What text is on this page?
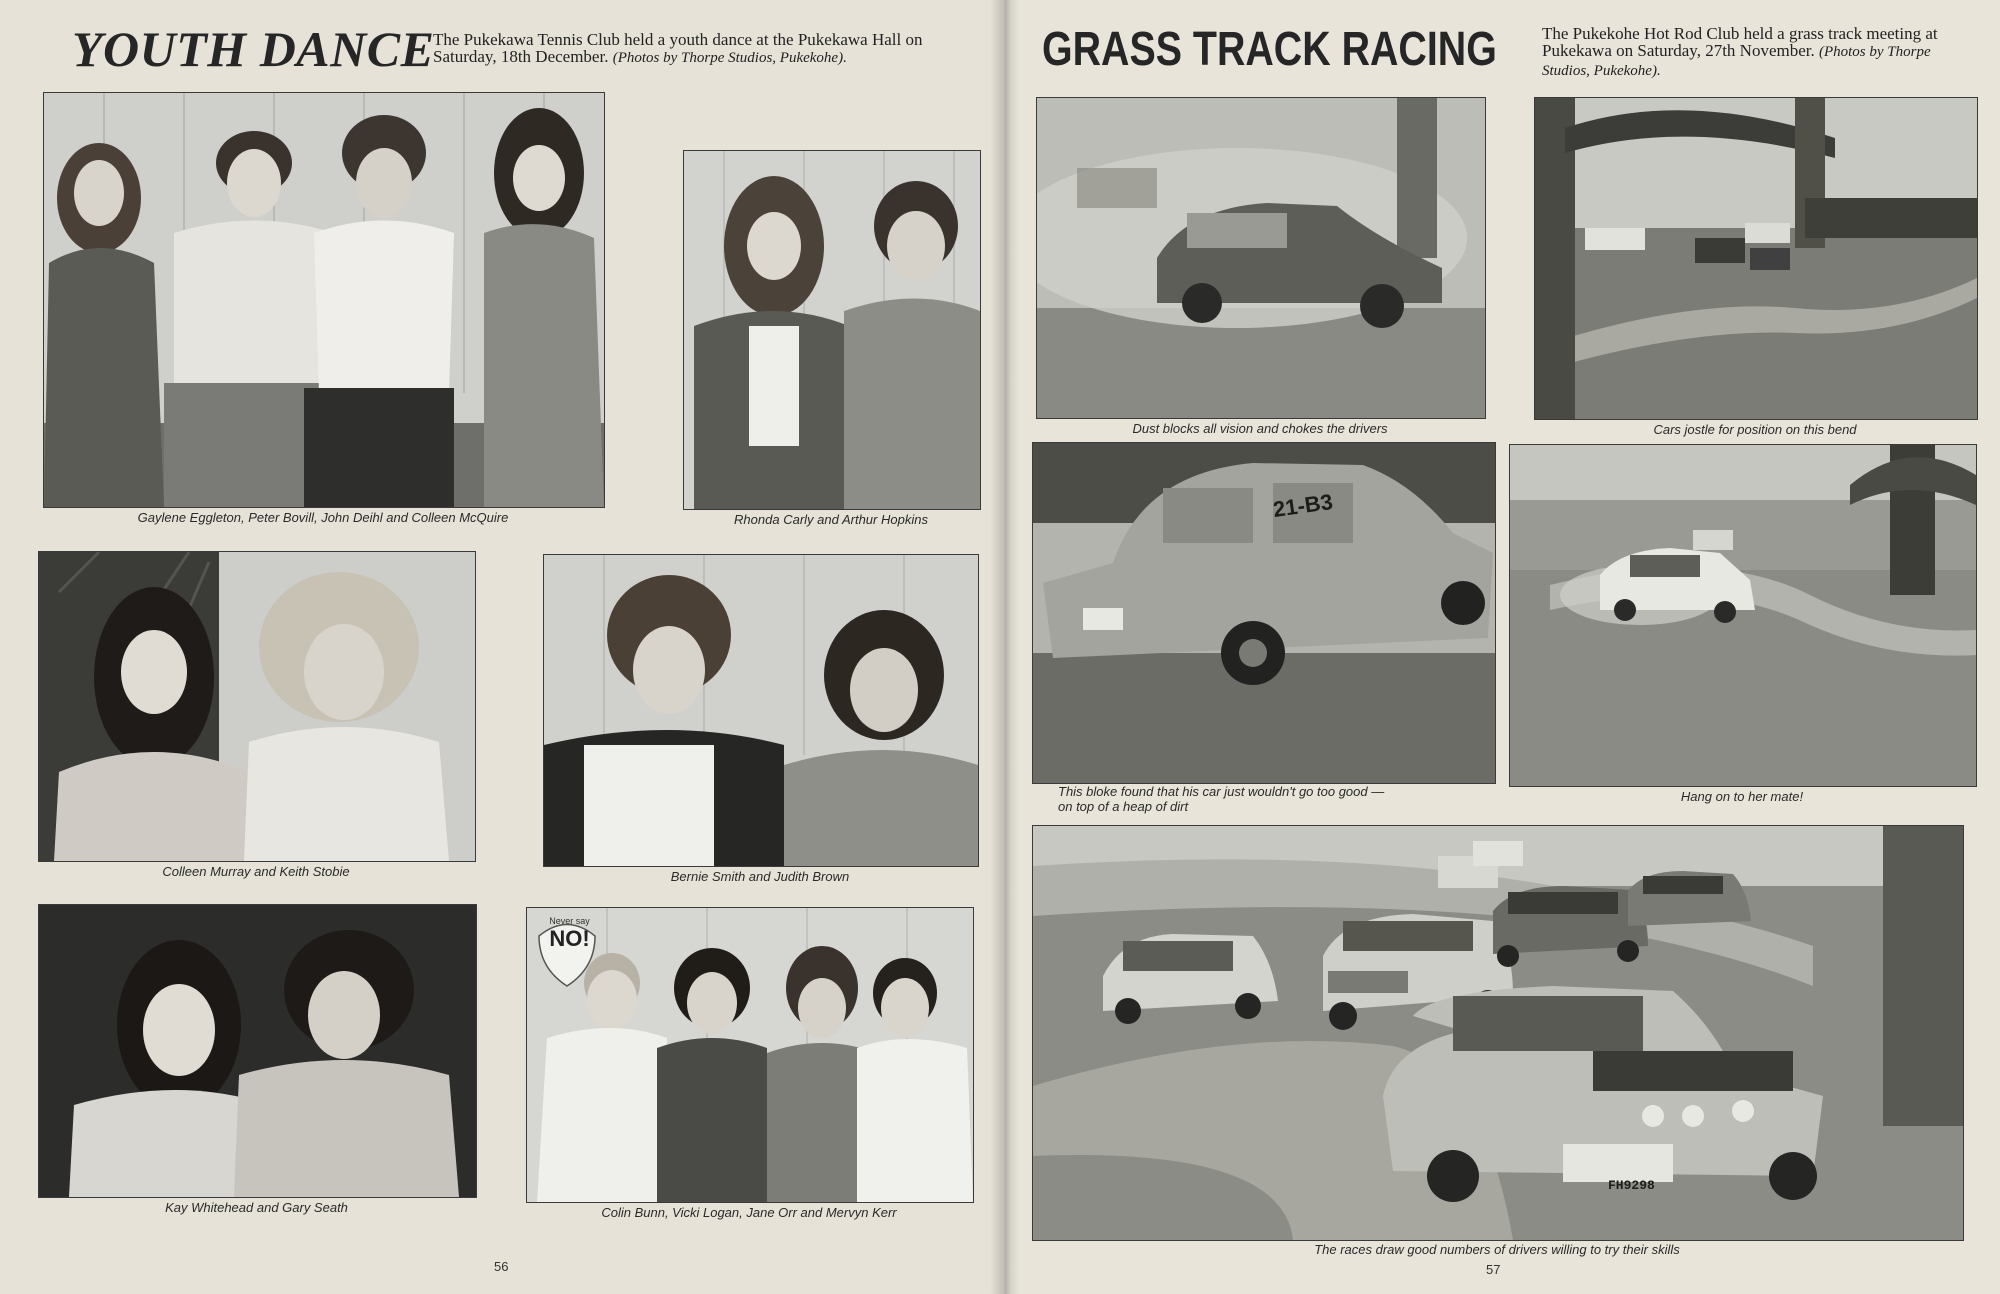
YOUTH DANCE
The Pukekawa Tennis Club held a youth dance at the Pukekawa Hall on Saturday, 18th December. (Photos by Thorpe Studios, Pukekohe).
Gaylene Eggleton, Peter Bovill, John Deihl and Colleen McQuire	Rhonda Carly and Arthur Hopkins
Colleen Murray and Keith Stobie	Bernie Smith and Judith Brown
Kay Whitehead and Gary Seath
Never say
NO!
Colin Bunn, Vicki Logan, Jane Orr and Mervyn Kerr
56
GRASS TRACK RACING	The Pukekohe Hot Rod Club held a grass track meeting at Pukekawa on Saturday, 27th November. (Photos by Thorpe Studios, Pukekohe).
Dust blocks all vision and chokes the drivers	Cars jostle for position on this bend
21-B3
This bloke found that his car just wouldn't go too good —
on top of a heap of dirt
Hang on to her mate!
FH9298
The races draw good numbers of drivers willing to try their skills
57
